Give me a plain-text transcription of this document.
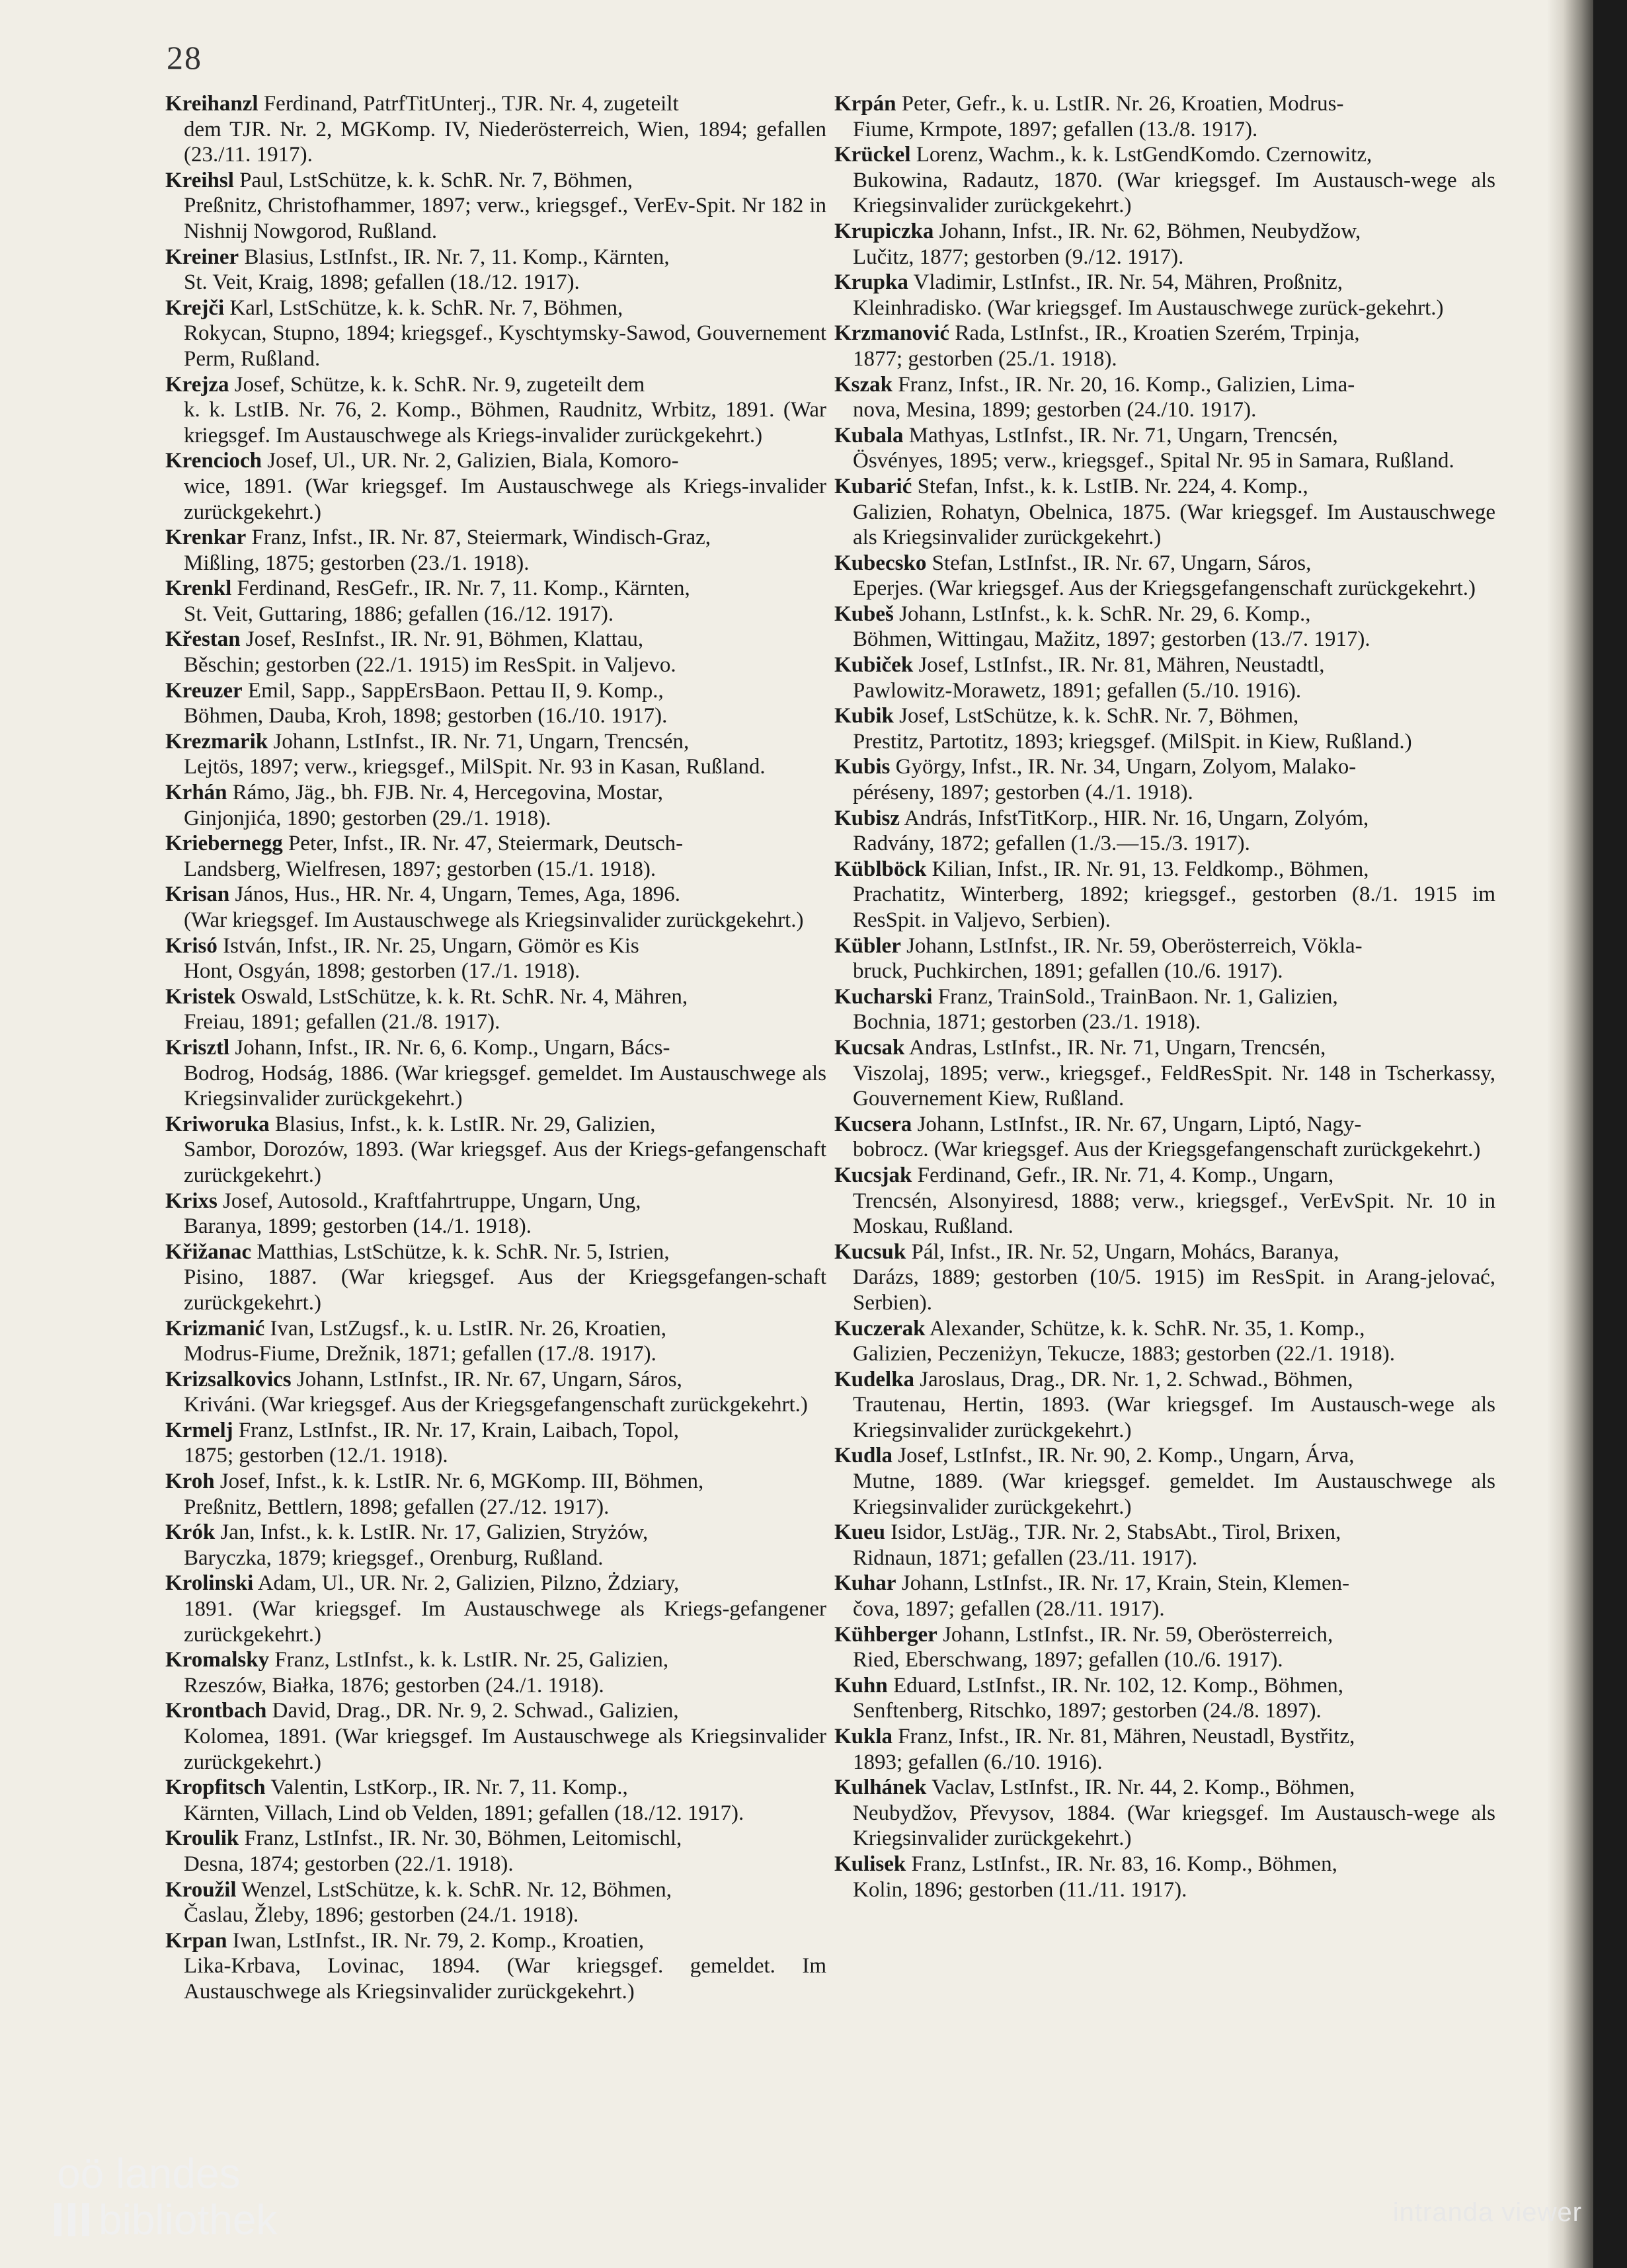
28

Kreihanzl Ferdinand, PatrfTitUnterj., TJR. Nr. 4, zugeteilt
dem TJR. Nr. 2, MGKomp. IV, Niederösterreich, Wien, 1894; gefallen (23./11. 1917).

Kreihsl Paul, LstSchütze, k. k. SchR. Nr. 7, Böhmen,
Preßnitz, Christofhammer, 1897; verw., kriegsgef., VerEv-Spit. Nr 182 in Nishnij Nowgorod, Rußland.

Kreiner Blasius, LstInfst., IR. Nr. 7, 11. Komp., Kärnten,
St. Veit, Kraig, 1898; gefallen (18./12. 1917).

Krejči Karl, LstSchütze, k. k. SchR. Nr. 7, Böhmen,
Rokycan, Stupno, 1894; kriegsgef., Kyschtymsky-Sawod, Gouvernement Perm, Rußland.

Krejza Josef, Schütze, k. k. SchR. Nr. 9, zugeteilt dem
k. k. LstIB. Nr. 76, 2. Komp., Böhmen, Raudnitz, Wrbitz, 1891. (War kriegsgef. Im Austauschwege als Kriegs-invalider zurückgekehrt.)

Krencioch Josef, Ul., UR. Nr. 2, Galizien, Biala, Komoro-
wice, 1891. (War kriegsgef. Im Austauschwege als Kriegs-invalider zurückgekehrt.)

Krenkar Franz, Infst., IR. Nr. 87, Steiermark, Windisch-Graz,
Mißling, 1875; gestorben (23./1. 1918).

Krenkl Ferdinand, ResGefr., IR. Nr. 7, 11. Komp., Kärnten,
St. Veit, Guttaring, 1886; gefallen (16./12. 1917).

Křestan Josef, ResInfst., IR. Nr. 91, Böhmen, Klattau,
Běschin; gestorben (22./1. 1915) im ResSpit. in Valjevo.

Kreuzer Emil, Sapp., SappErsBaon. Pettau II, 9. Komp.,
Böhmen, Dauba, Kroh, 1898; gestorben (16./10. 1917).

Krezmarik Johann, LstInfst., IR. Nr. 71, Ungarn, Trencsén,
Lejtös, 1897; verw., kriegsgef., MilSpit. Nr. 93 in Kasan, Rußland.

Krhán Rámo, Jäg., bh. FJB. Nr. 4, Hercegovina, Mostar,
Ginjonjića, 1890; gestorben (29./1. 1918).

Kriebernegg Peter, Infst., IR. Nr. 47, Steiermark, Deutsch-
Landsberg, Wielfresen, 1897; gestorben (15./1. 1918).

Krisan János, Hus., HR. Nr. 4, Ungarn, Temes, Aga, 1896.
(War kriegsgef. Im Austauschwege als Kriegsinvalider zurückgekehrt.)

Krisó István, Infst., IR. Nr. 25, Ungarn, Gömör es Kis
Hont, Osgyán, 1898; gestorben (17./1. 1918).

Kristek Oswald, LstSchütze, k. k. Rt. SchR. Nr. 4, Mähren,
Freiau, 1891; gefallen (21./8. 1917).

Krisztl Johann, Infst., IR. Nr. 6, 6. Komp., Ungarn, Bács-
Bodrog, Hodság, 1886. (War kriegsgef. gemeldet. Im Austauschwege als Kriegsinvalider zurückgekehrt.)

Kriworuka Blasius, Infst., k. k. LstIR. Nr. 29, Galizien,
Sambor, Dorozów, 1893. (War kriegsgef. Aus der Kriegs-gefangenschaft zurückgekehrt.)

Krixs Josef, Autosold., Kraftfahrtruppe, Ungarn, Ung,
Baranya, 1899; gestorben (14./1. 1918).

Křižanac Matthias, LstSchütze, k. k. SchR. Nr. 5, Istrien,
Pisino, 1887. (War kriegsgef. Aus der Kriegsgefangen-schaft zurückgekehrt.)

Krizmanić Ivan, LstZugsf., k. u. LstIR. Nr. 26, Kroatien,
Modrus-Fiume, Drežnik, 1871; gefallen (17./8. 1917).

Krizsalkovics Johann, LstInfst., IR. Nr. 67, Ungarn, Sáros,
Kriváni. (War kriegsgef. Aus der Kriegsgefangenschaft zurückgekehrt.)

Krmelj Franz, LstInfst., IR. Nr. 17, Krain, Laibach, Topol,
1875; gestorben (12./1. 1918).

Kroh Josef, Infst., k. k. LstIR. Nr. 6, MGKomp. III, Böhmen,
Preßnitz, Bettlern, 1898; gefallen (27./12. 1917).

Krók Jan, Infst., k. k. LstIR. Nr. 17, Galizien, Stryżów,
Baryczka, 1879; kriegsgef., Orenburg, Rußland.

Krolinski Adam, Ul., UR. Nr. 2, Galizien, Pilzno, Żdziary,
1891. (War kriegsgef. Im Austauschwege als Kriegs-gefangener zurückgekehrt.)

Kromalsky Franz, LstInfst., k. k. LstIR. Nr. 25, Galizien,
Rzeszów, Białka, 1876; gestorben (24./1. 1918).

Krontbach David, Drag., DR. Nr. 9, 2. Schwad., Galizien,
Kolomea, 1891. (War kriegsgef. Im Austauschwege als Kriegsinvalider zurückgekehrt.)

Kropfitsch Valentin, LstKorp., IR. Nr. 7, 11. Komp.,
Kärnten, Villach, Lind ob Velden, 1891; gefallen (18./12. 1917).

Kroulik Franz, LstInfst., IR. Nr. 30, Böhmen, Leitomischl,
Desna, 1874; gestorben (22./1. 1918).

Kroužil Wenzel, LstSchütze, k. k. SchR. Nr. 12, Böhmen,
Časlau, Žleby, 1896; gestorben (24./1. 1918).

Krpan Iwan, LstInfst., IR. Nr. 79, 2. Komp., Kroatien,
Lika-Krbava, Lovinac, 1894. (War kriegsgef. gemeldet. Im Austauschwege als Kriegsinvalider zurückgekehrt.)

Krpán Peter, Gefr., k. u. LstIR. Nr. 26, Kroatien, Modrus-
Fiume, Krmpote, 1897; gefallen (13./8. 1917).

Krückel Lorenz, Wachm., k. k. LstGendKomdo. Czernowitz,
Bukowina, Radautz, 1870. (War kriegsgef. Im Austausch-wege als Kriegsinvalider zurückgekehrt.)

Krupiczka Johann, Infst., IR. Nr. 62, Böhmen, Neubydžow,
Lučitz, 1877; gestorben (9./12. 1917).

Krupka Vladimir, LstInfst., IR. Nr. 54, Mähren, Proßnitz,
Kleinhradisko. (War kriegsgef. Im Austauschwege zurück-gekehrt.)

Krzmanović Rada, LstInfst., IR., Kroatien Szerém, Trpinja,
1877; gestorben (25./1. 1918).

Kszak Franz, Infst., IR. Nr. 20, 16. Komp., Galizien, Lima-
nova, Mesina, 1899; gestorben (24./10. 1917).

Kubala Mathyas, LstInfst., IR. Nr. 71, Ungarn, Trencsén,
Ösvényes, 1895; verw., kriegsgef., Spital Nr. 95 in Samara, Rußland.

Kubarić Stefan, Infst., k. k. LstIB. Nr. 224, 4. Komp.,
Galizien, Rohatyn, Obelnica, 1875. (War kriegsgef. Im Austauschwege als Kriegsinvalider zurückgekehrt.)

Kubecsko Stefan, LstInfst., IR. Nr. 67, Ungarn, Sáros,
Eperjes. (War kriegsgef. Aus der Kriegsgefangenschaft zurückgekehrt.)

Kubeš Johann, LstInfst., k. k. SchR. Nr. 29, 6. Komp.,
Böhmen, Wittingau, Mažitz, 1897; gestorben (13./7. 1917).

Kubiček Josef, LstInfst., IR. Nr. 81, Mähren, Neustadtl,
Pawlowitz-Morawetz, 1891; gefallen (5./10. 1916).

Kubik Josef, LstSchütze, k. k. SchR. Nr. 7, Böhmen,
Prestitz, Partotitz, 1893; kriegsgef. (MilSpit. in Kiew, Rußland.)

Kubis György, Infst., IR. Nr. 34, Ungarn, Zolyom, Malako-
péréseny, 1897; gestorben (4./1. 1918).

Kubisz András, InfstTitKorp., HIR. Nr. 16, Ungarn, Zolyóm,
Radvány, 1872; gefallen (1./3.—15./3. 1917).

Küblböck Kilian, Infst., IR. Nr. 91, 13. Feldkomp., Böhmen,
Prachatitz, Winterberg, 1892; kriegsgef., gestorben (8./1. 1915 im ResSpit. in Valjevo, Serbien).

Kübler Johann, LstInfst., IR. Nr. 59, Oberösterreich, Vökla-
bruck, Puchkirchen, 1891; gefallen (10./6. 1917).

Kucharski Franz, TrainSold., TrainBaon. Nr. 1, Galizien,
Bochnia, 1871; gestorben (23./1. 1918).

Kucsak Andras, LstInfst., IR. Nr. 71, Ungarn, Trencsén,
Viszolaj, 1895; verw., kriegsgef., FeldResSpit. Nr. 148 in Tscherkassy, Gouvernement Kiew, Rußland.

Kucsera Johann, LstInfst., IR. Nr. 67, Ungarn, Liptó, Nagy-
bobrocz. (War kriegsgef. Aus der Kriegsgefangenschaft zurückgekehrt.)

Kucsjak Ferdinand, Gefr., IR. Nr. 71, 4. Komp., Ungarn,
Trencsén, Alsonyiresd, 1888; verw., kriegsgef., VerEvSpit. Nr. 10 in Moskau, Rußland.

Kucsuk Pál, Infst., IR. Nr. 52, Ungarn, Mohács, Baranya,
Darázs, 1889; gestorben (10/5. 1915) im ResSpit. in Arang-jelovać, Serbien).

Kuczerak Alexander, Schütze, k. k. SchR. Nr. 35, 1. Komp.,
Galizien, Peczeniżyn, Tekucze, 1883; gestorben (22./1. 1918).

Kudelka Jaroslaus, Drag., DR. Nr. 1, 2. Schwad., Böhmen,
Trautenau, Hertin, 1893. (War kriegsgef. Im Austausch-wege als Kriegsinvalider zurückgekehrt.)

Kudla Josef, LstInfst., IR. Nr. 90, 2. Komp., Ungarn, Árva,
Mutne, 1889. (War kriegsgef. gemeldet. Im Austauschwege als Kriegsinvalider zurückgekehrt.)

Kueu Isidor, LstJäg., TJR. Nr. 2, StabsAbt., Tirol, Brixen,
Ridnaun, 1871; gefallen (23./11. 1917).

Kuhar Johann, LstInfst., IR. Nr. 17, Krain, Stein, Klemen-
čova, 1897; gefallen (28./11. 1917).

Kühberger Johann, LstInfst., IR. Nr. 59, Oberösterreich,
Ried, Eberschwang, 1897; gefallen (10./6. 1917).

Kuhn Eduard, LstInfst., IR. Nr. 102, 12. Komp., Böhmen,
Senftenberg, Ritschko, 1897; gestorben (24./8. 1897).

Kukla Franz, Infst., IR. Nr. 81, Mähren, Neustadl, Bystřitz,
1893; gefallen (6./10. 1916).

Kulhánek Vaclav, LstInfst., IR. Nr. 44, 2. Komp., Böhmen,
Neubydžov, Převysov, 1884. (War kriegsgef. Im Austausch-wege als Kriegsinvalider zurückgekehrt.)

Kulisek Franz, LstInfst., IR. Nr. 83, 16. Komp., Böhmen,
Kolin, 1896; gestorben (11./11. 1917).

oö landes
bibliothek	intranda viewer
